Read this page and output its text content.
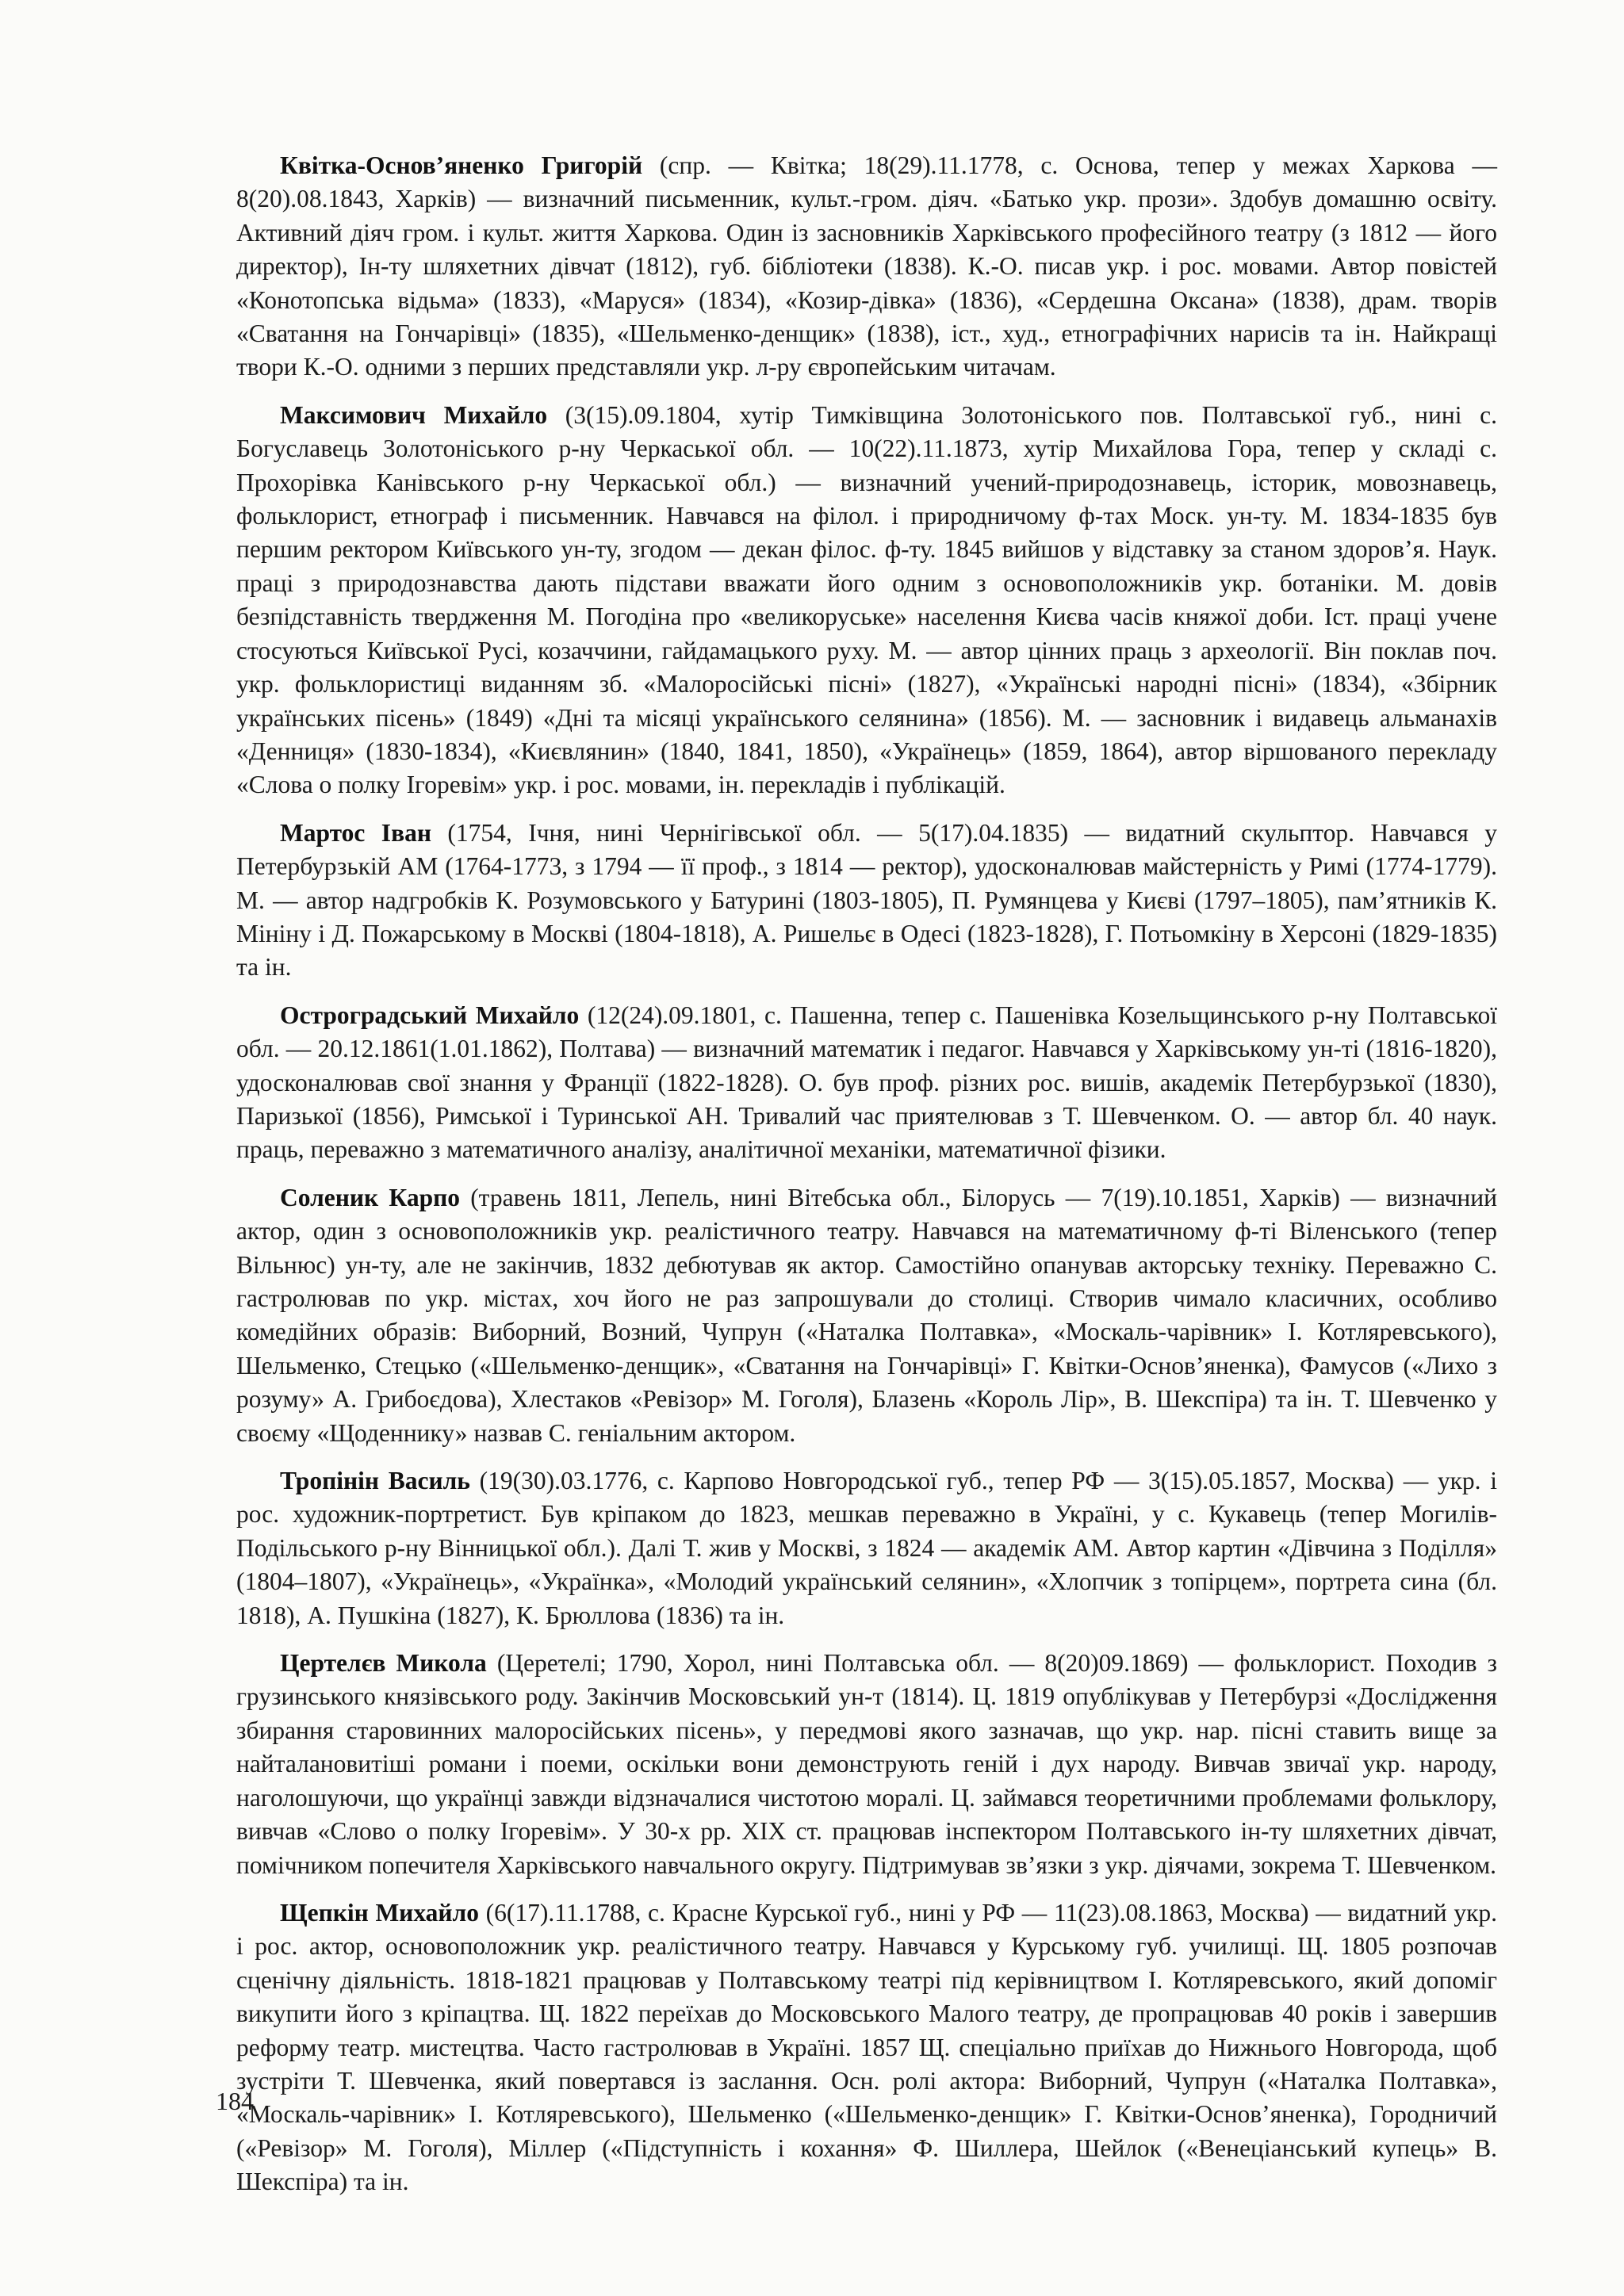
Квітка-Основ’яненко Григорій (спр. — Квітка; 18(29).11.1778, с. Основа, тепер у межах Харкова — 8(20).08.1843, Харків) — визначний письменник, культ.-гром. діяч. «Батько укр. прози». Здобув домашню освіту. Активний діяч гром. і культ. життя Харкова. Один із засновників Харківського професійного театру (з 1812 — його директор), Ін-ту шляхетних дівчат (1812), губ. бібліотеки (1838). К.-О. писав укр. і рос. мовами. Автор повістей «Конотопська відьма» (1833), «Маруся» (1834), «Козир-дівка» (1836), «Сердешна Оксана» (1838), драм. творів «Сватання на Гончарівці» (1835), «Шельменко-денщик» (1838), іст., худ., етнографічних нарисів та ін. Найкращі твори К.-О. одними з перших представляли укр. л-ру європейським читачам.

Максимович Михайло (3(15).09.1804, хутір Тимківщина Золотоніського пов. Полтавської губ., нині с. Богуславець Золотоніського р-ну Черкаської обл. — 10(22).11.1873, хутір Михайлова Гора, тепер у складі с. Прохорівка Канівського р-ну Черкаської обл.) — визначний учений-природознавець, історик, мовознавець, фольклорист, етнограф і письменник. Навчався на філол. і природничому ф-тах Моск. ун-ту. М. 1834-1835 був першим ректором Київського ун-ту, згодом — декан філос. ф-ту. 1845 вийшов у відставку за станом здоров’я. Наук. праці з природознавства дають підстави вважати його одним з основоположників укр. ботаніки. М. довів безпідставність твердження М. Погодіна про «великоруське» населення Києва часів княжої доби. Іст. праці учене стосуються Київської Русі, козаччини, гайдамацького руху. М. — автор цінних праць з археології. Він поклав поч. укр. фольклористиці виданням зб. «Малоросійські пісні» (1827), «Українські народні пісні» (1834), «Збірник українських пісень» (1849) «Дні та місяці українського селянина» (1856). М. — засновник і видавець альманахів «Денниця» (1830-1834), «Києвлянин» (1840, 1841, 1850), «Українець» (1859, 1864), автор віршованого перекладу «Слова о полку Ігоревім» укр. і рос. мовами, ін. перекладів і публікацій.

Мартос Іван (1754, Ічня, нині Чернігівської обл. — 5(17).04.1835) — видатний скульптор. Навчався у Петербурзькій АМ (1764-1773, з 1794 — її проф., з 1814 — ректор), удосконалював майстерність у Римі (1774-1779). М. — автор надгробків К. Розумовського у Батурині (1803-1805), П. Румянцева у Києві (1797–1805), пам’ятників К. Мініну і Д. Пожарському в Москві (1804-1818), А. Ришельє в Одесі (1823-1828), Г. Потьомкіну в Херсоні (1829-1835) та ін.

Остроградський Михайло (12(24).09.1801, с. Пашенна, тепер с. Пашенівка Козельщинського р-ну Полтавської обл. — 20.12.1861(1.01.1862), Полтава) — визначний математик і педагог. Навчався у Харківському ун-ті (1816-1820), удосконалював свої знання у Франції (1822-1828). О. був проф. різних рос. вишів, академік Петербурзької (1830), Паризької (1856), Римської і Туринської АН. Тривалий час приятелював з Т. Шевченком. О. — автор бл. 40 наук. праць, переважно з математичного аналізу, аналітичної механіки, математичної фізики.

Соленик Карпо (травень 1811, Лепель, нині Вітебська обл., Білорусь — 7(19).10.1851, Харків) — визначний актор, один з основоположників укр. реалістичного театру. Навчався на математичному ф-ті Віленського (тепер Вільнюс) ун-ту, але не закінчив, 1832 дебютував як актор. Самостійно опанував акторську техніку. Переважно С. гастролював по укр. містах, хоч його не раз запрошували до столиці. Створив чимало класичних, особливо комедійних образів: Виборний, Возний, Чупрун («Наталка Полтавка», «Москаль-чарівник» І. Котляревського), Шельменко, Стецько («Шельменко-денщик», «Сватання на Гончарівці» Г. Квітки-Основ’яненка), Фамусов («Лихо з розуму» А. Грибоєдова), Хлестаков «Ревізор» М. Гоголя), Блазень «Король Лір», В. Шекспіра) та ін. Т. Шевченко у своєму «Щоденнику» назвав С. геніальним актором.

Тропінін Василь (19(30).03.1776, с. Карпово Новгородської губ., тепер РФ — 3(15).05.1857, Москва) — укр. і рос. художник-портретист. Був кріпаком до 1823, мешкав переважно в Україні, у с. Кукавець (тепер Могилів-Подільського р-ну Вінницької обл.). Далі Т. жив у Москві, з 1824 — академік АМ. Автор картин «Дівчина з Поділля» (1804–1807), «Українець», «Українка», «Молодий український селянин», «Хлопчик з топірцем», портрета сина (бл. 1818), А. Пушкіна (1827), К. Брюллова (1836) та ін.

Цертелєв Микола (Церетелі; 1790, Хорол, нині Полтавська обл. — 8(20)09.1869) — фольклорист. Походив з грузинського князівського роду. Закінчив Московський ун-т (1814). Ц. 1819 опублікував у Петербурзі «Дослідження збирання старовинних малоросійських пісень», у передмові якого зазначав, що укр. нар. пісні ставить вище за найталановитіші романи і поеми, оскільки вони демонструють геній і дух народу. Вивчав звичаї укр. народу, наголошуючи, що українці завжди відзначалися чистотою моралі. Ц. займався теоретичними проблемами фольклору, вивчав «Слово о полку Ігоревім». У 30-х рр. XIX ст. працював інспектором Полтавського ін-ту шляхетних дівчат, помічником попечителя Харківського навчального округу. Підтримував зв’язки з укр. діячами, зокрема Т. Шевченком.

Щепкін Михайло (6(17).11.1788, с. Красне Курської губ., нині у РФ — 11(23).08.1863, Москва) — видатний укр. і рос. актор, основоположник укр. реалістичного театру. Навчався у Курському губ. училищі. Щ. 1805 розпочав сценічну діяльність. 1818-1821 працював у Полтавському театрі під керівництвом І. Котляревського, який допоміг викупити його з кріпацтва. Щ. 1822 переїхав до Московського Малого театру, де пропрацював 40 років і завершив реформу театр. мистецтва. Часто гастролював в Україні. 1857 Щ. спеціально приїхав до Нижнього Новгорода, щоб зустріти Т. Шевченка, який повертався із заслання. Осн. ролі актора: Виборний, Чупрун («Наталка Полтавка», «Москаль-чарівник» І. Котляревського), Шельменко («Шельменко-денщик» Г. Квітки-Основ’яненка), Городничий («Ревізор» М. Гоголя), Міллер («Підступність і кохання» Ф. Шиллера, Шейлок («Венеціанський купець» В. Шекспіра) та ін.

184
